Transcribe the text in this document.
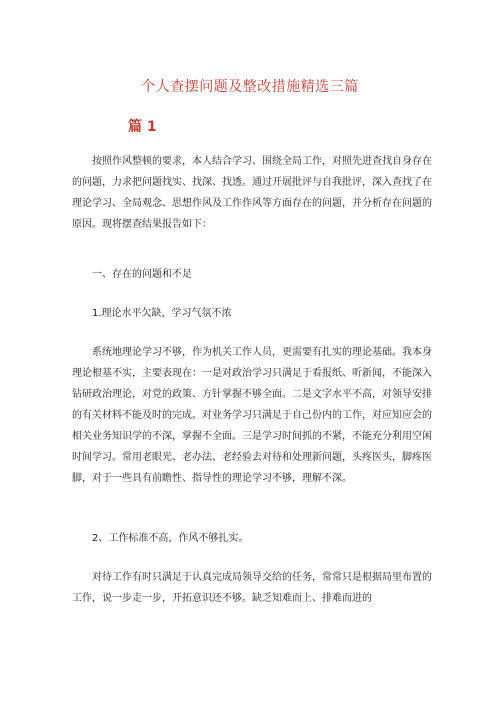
个人查摆问题及整改措施精选三篇
篇 1

按照作风整顿的要求，本人结合学习、围绕全局工作，对照先进查找自身存在的问题，力求把问题找实、找深、找透。通过开展批评与自我批评，深入查找了在理论学习、全局观念、思想作风及工作作风等方面存在的问题，并分析存在问题的原因。现将摆查结果报告如下：

一、存在的问题和不足

1.理论水平欠缺，学习气氛不浓

系统地理论学习不够，作为机关工作人员，更需要有扎实的理论基础。我本身理论根基不实，主要表现在：一是对政治学习只满足于看报纸、听新闻，不能深入钻研政治理论，对党的政策、方针掌握不够全面。二是文字水平不高，对领导安排的有关材料不能及时的完成。对业务学习只满足于自己份内的工作，对应知应会的相关业务知识学的不深，掌握不全面。三是学习时间抓的不紧，不能充分利用空闲时间学习。常用老眼光、老办法、老经验去对待和处理新问题，头疼医头，脚疼医脚，对于一些具有前瞻性、指导性的理论学习不够，理解不深。

2、工作标准不高，作风不够扎实。

对待工作有时只满足于认真完成局领导交给的任务，常常只是根据局里布置的工作，说一步走一步，开拓意识还不够。缺乏知难而上、排难而进的
